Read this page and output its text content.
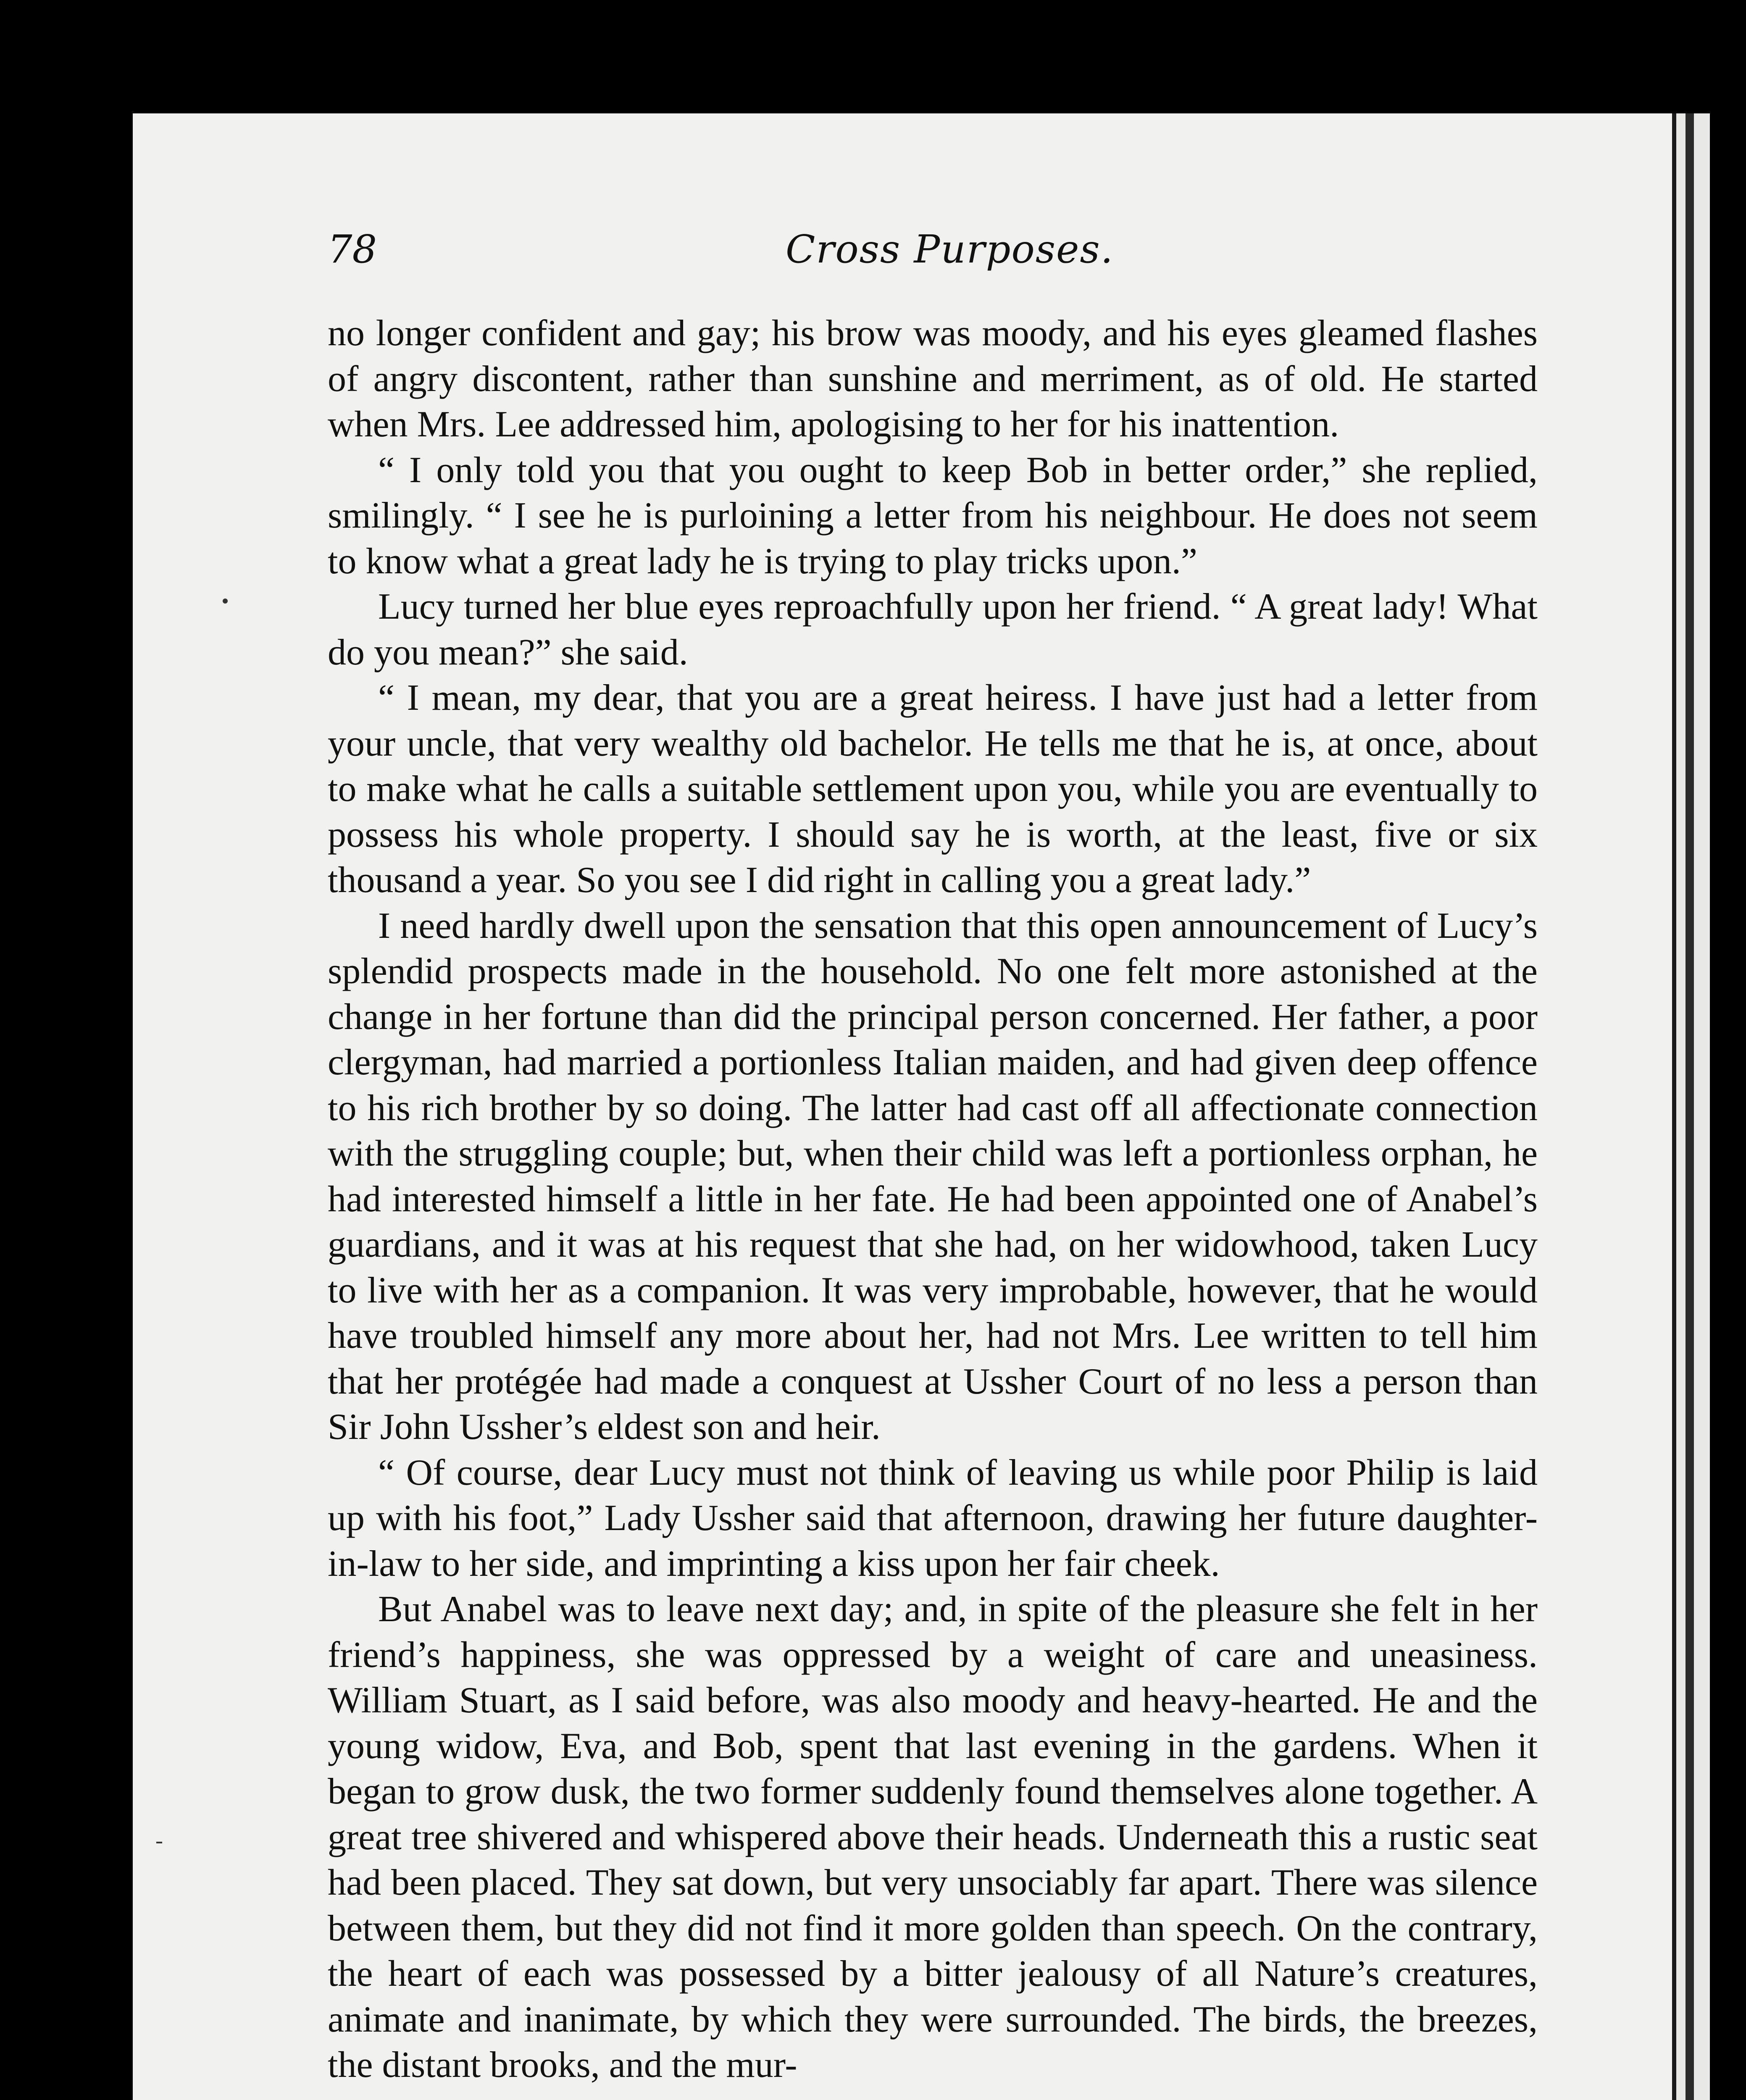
78	Cross Purposes.

no longer confident and gay; his brow was moody, and his eyes gleamed flashes of angry discontent, rather than sunshine and merriment, as of old. He started when Mrs. Lee addressed him, apologising to her for his inattention.

“ I only told you that you ought to keep Bob in better order,” she replied, smilingly. “ I see he is purloining a letter from his neighbour. He does not seem to know what a great lady he is trying to play tricks upon.”

Lucy turned her blue eyes reproachfully upon her friend. “ A great lady! What do you mean?” she said.

“ I mean, my dear, that you are a great heiress. I have just had a letter from your uncle, that very wealthy old bachelor. He tells me that he is, at once, about to make what he calls a suitable settlement upon you, while you are eventually to possess his whole property. I should say he is worth, at the least, five or six thousand a year. So you see I did right in calling you a great lady.”

I need hardly dwell upon the sensation that this open announcement of Lucy’s splendid prospects made in the household. No one felt more astonished at the change in her fortune than did the principal person concerned. Her father, a poor clergyman, had married a portionless Italian maiden, and had given deep offence to his rich brother by so doing. The latter had cast off all affectionate connection with the struggling couple; but, when their child was left a portionless orphan, he had interested himself a little in her fate. He had been appointed one of Anabel’s guardians, and it was at his request that she had, on her widowhood, taken Lucy to live with her as a companion. It was very improbable, however, that he would have troubled himself any more about her, had not Mrs. Lee written to tell him that her protégée had made a conquest at Ussher Court of no less a person than Sir John Ussher’s eldest son and heir.

“ Of course, dear Lucy must not think of leaving us while poor Philip is laid up with his foot,” Lady Ussher said that afternoon, drawing her future daughter-in-law to her side, and imprinting a kiss upon her fair cheek.

But Anabel was to leave next day; and, in spite of the pleasure she felt in her friend’s happiness, she was oppressed by a weight of care and uneasiness. William Stuart, as I said before, was also moody and heavy-hearted. He and the young widow, Eva, and Bob, spent that last evening in the gardens. When it began to grow dusk, the two former suddenly found themselves alone together. A great tree shivered and whispered above their heads. Underneath this a rustic seat had been placed. They sat down, but very unsociably far apart. There was silence between them, but they did not find it more golden than speech. On the contrary, the heart of each was possessed by a bitter jealousy of all Nature’s creatures, animate and inanimate, by which they were surrounded. The birds, the breezes, the distant brooks, and the mur-
